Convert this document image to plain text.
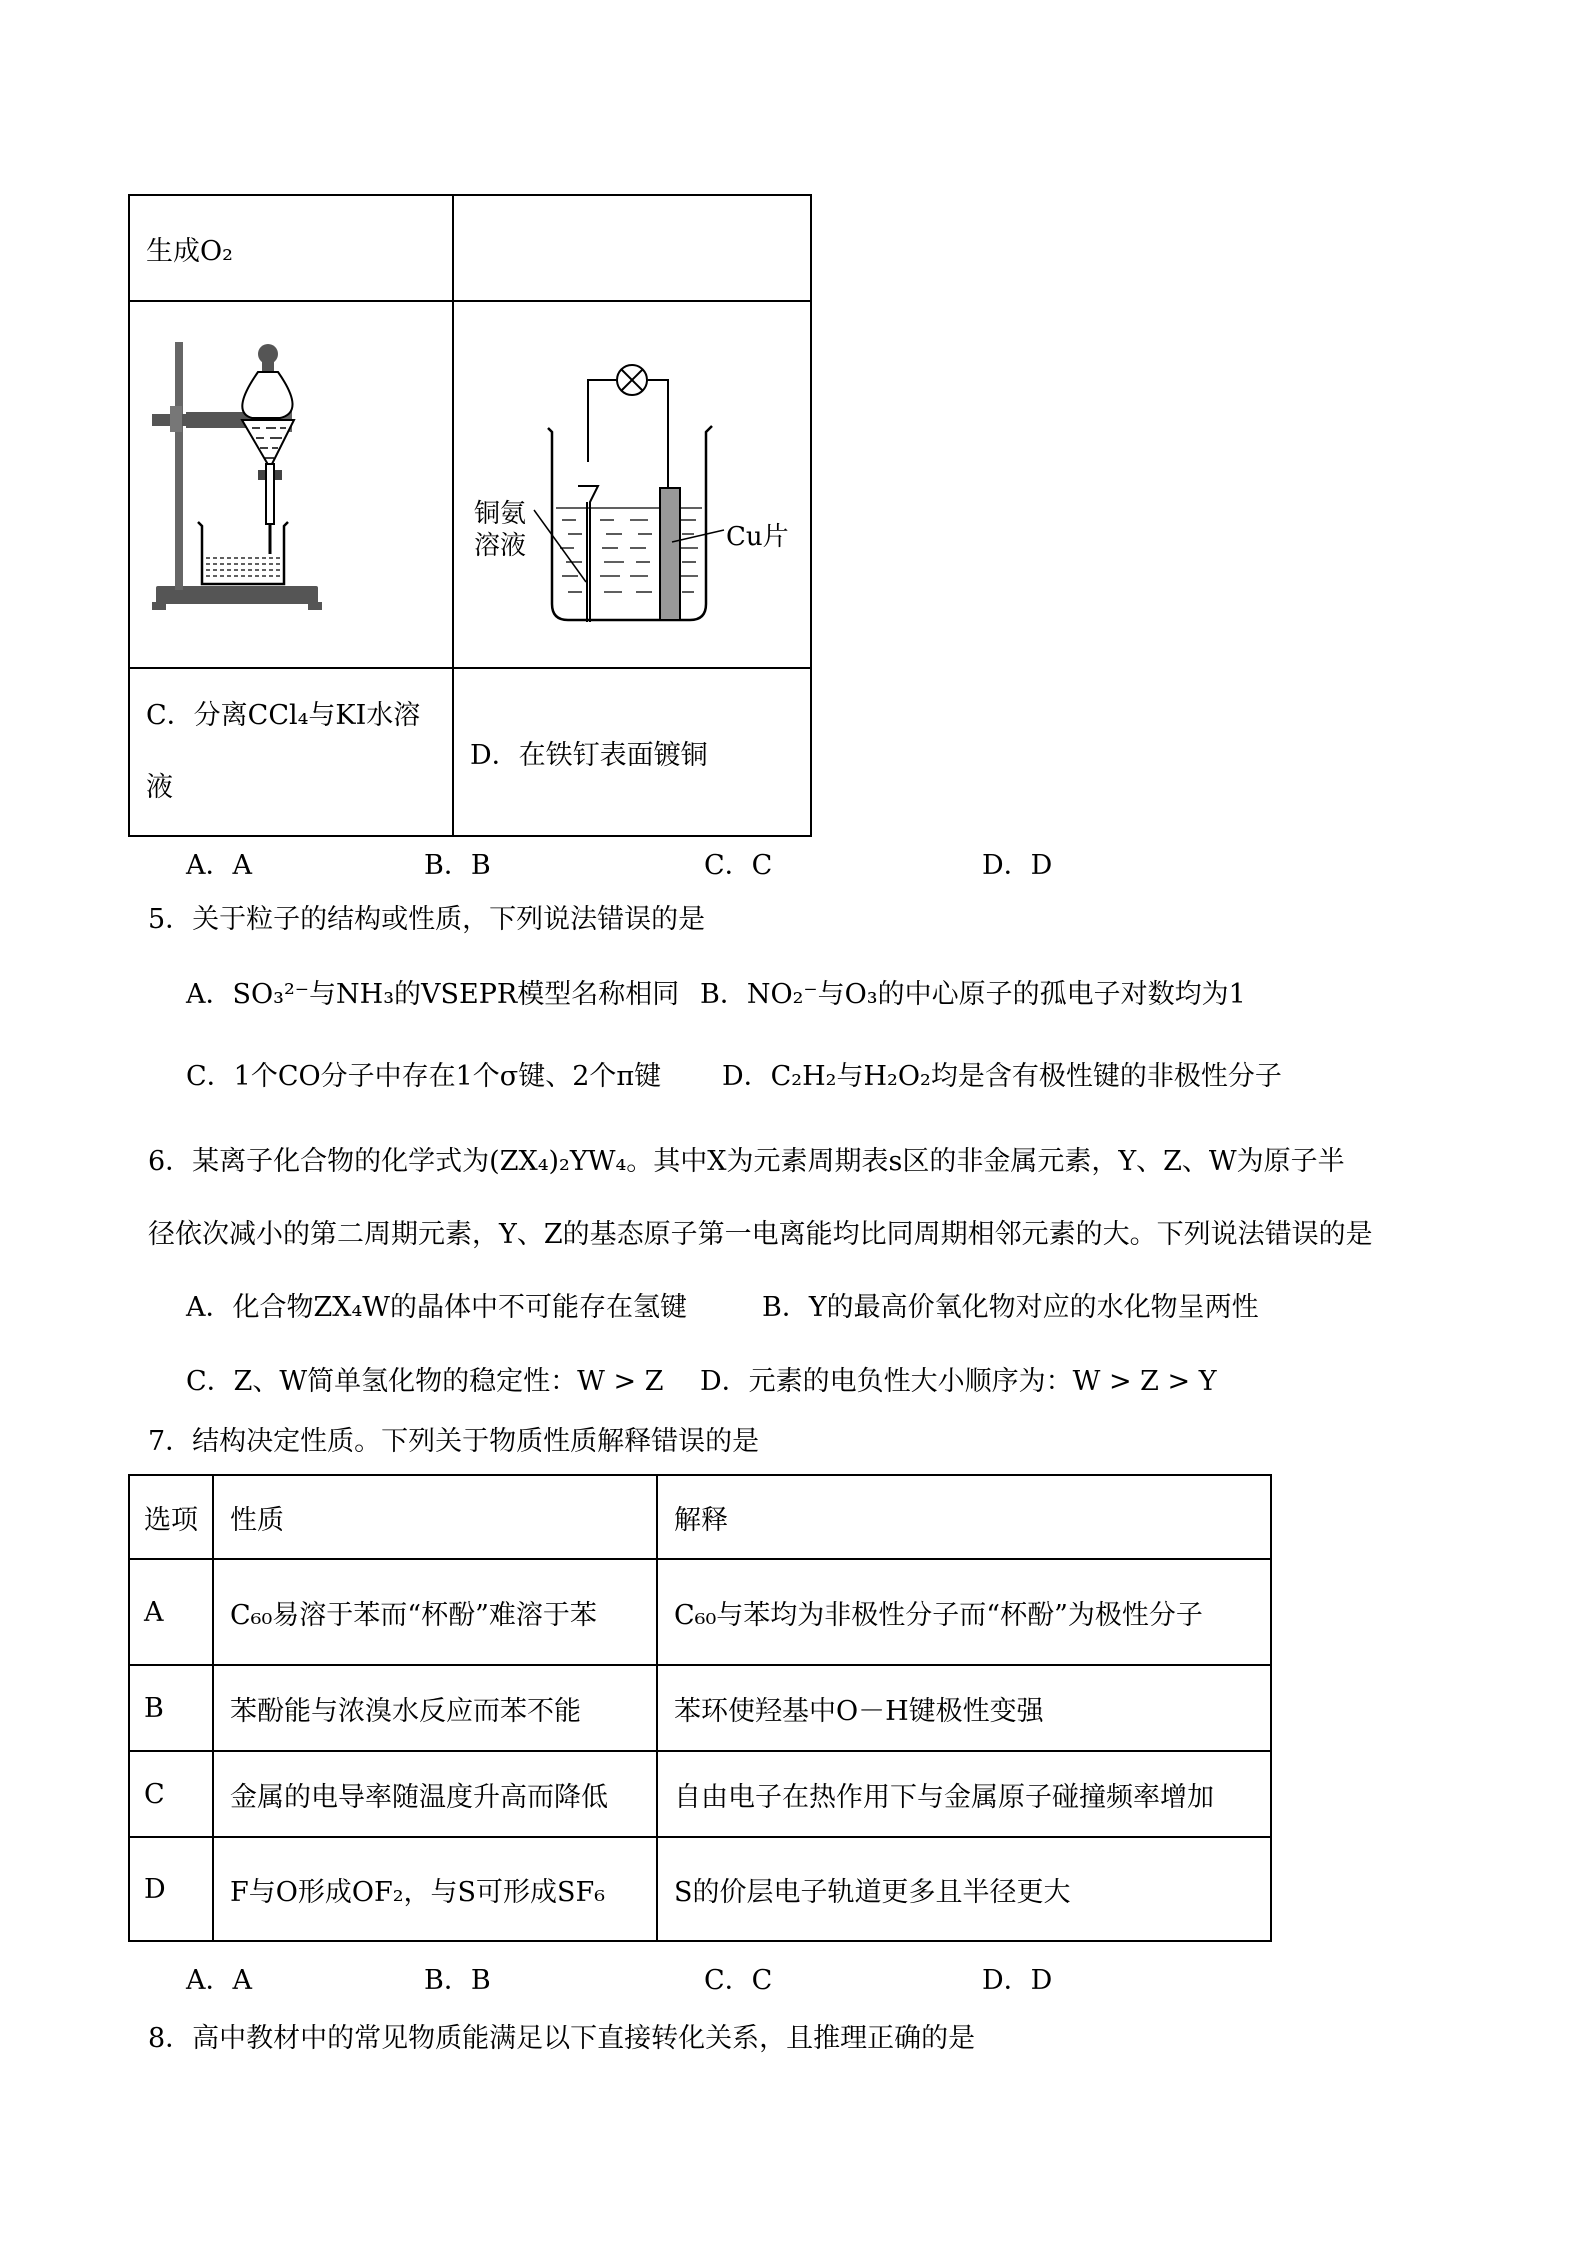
生成O₂	

铜氨
溶液 Cu片

C．分离CCl₄与KI水溶
液	D．在铁钉表面镀铜
A．A	B．B	C．C	D．D
5．关于粒子的结构或性质，下列说法错误的是
A．SO₃²⁻与NH₃的VSEPR模型名称相同 B．NO₂⁻与O₃的中心原子的孤电子对数均为1
C．1个CO分子中存在1个σ键、2个π键 D．C₂H₂与H₂O₂均是含有极性键的非极性分子
6．某离子化合物的化学式为(ZX₄)₂YW₄。其中X为元素周期表s区的非金属元素，Y、Z、W为原子半
径依次减小的第二周期元素，Y、Z的基态原子第一电离能均比同周期相邻元素的大。下列说法错误的是
A．化合物ZX₄W的晶体中不可能存在氢键	B．Y的最高价氧化物对应的水化物呈两性
C．Z、W简单氢化物的稳定性：W > Z D．元素的电负性大小顺序为：W > Z > Y
7．结构决定性质。下列关于物质性质解释错误的是
选项	性质	解释
A	C₆₀易溶于苯而“杯酚”难溶于苯	C₆₀与苯均为非极性分子而“杯酚”为极性分子
B	苯酚能与浓溴水反应而苯不能	苯环使羟基中O－H键极性变强
C	金属的电导率随温度升高而降低	自由电子在热作用下与金属原子碰撞频率增加
D	F与O形成OF₂，与S可形成SF₆	S的价层电子轨道更多且半径更大
A．A	B．B	C．C	D．D
8．高中教材中的常见物质能满足以下直接转化关系，且推理正确的是
